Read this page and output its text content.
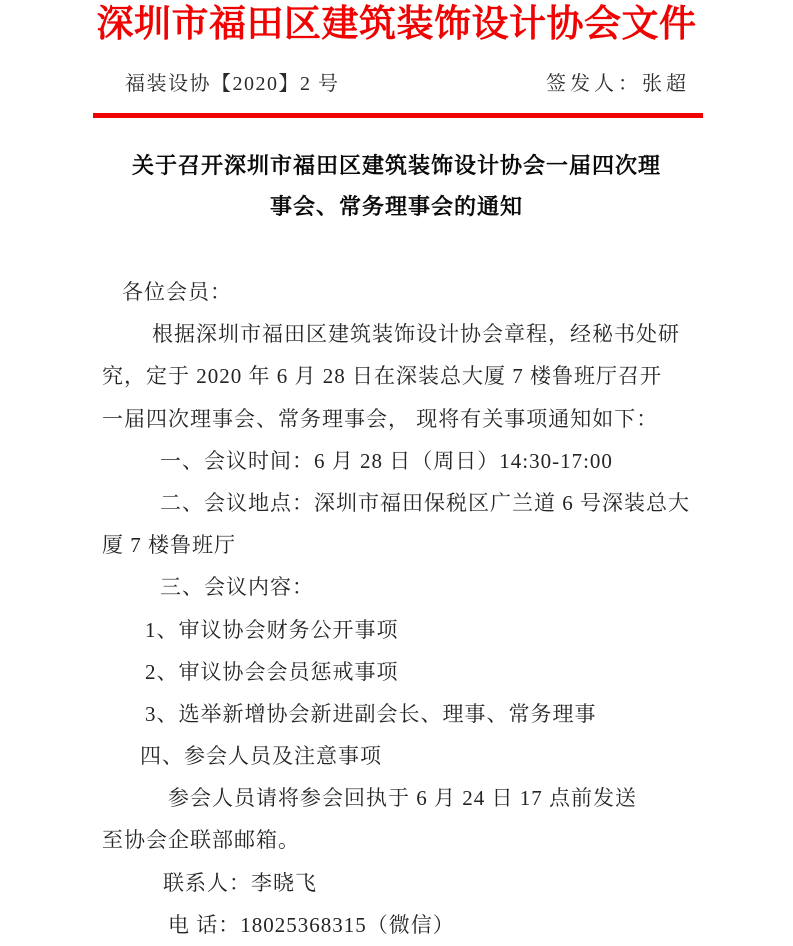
深圳市福田区建筑装饰设计协会文件
福装设协【2020】2 号	签发人：张超
关于召开深圳市福田区建筑装饰设计协会一届四次理
事会、常务理事会的通知
各位会员：
根据深圳市福田区建筑装饰设计协会章程，经秘书处研
究，定于 2020 年 6 月 28 日在深装总大厦 7 楼鲁班厅召开
一届四次理事会、常务理事会， 现将有关事项通知如下：
一、会议时间：6 月 28 日（周日）14:30-17:00
二、会议地点：深圳市福田保税区广兰道 6 号深装总大
厦 7 楼鲁班厅
三、会议内容：
1、审议协会财务公开事项
2、审议协会会员惩戒事项
3、选举新增协会新进副会长、理事、常务理事
四、参会人员及注意事项
参会人员请将参会回执于 6 月 24 日 17 点前发送
至协会企联部邮箱。
联系人：李晓飞
电 话：18025368315（微信）
